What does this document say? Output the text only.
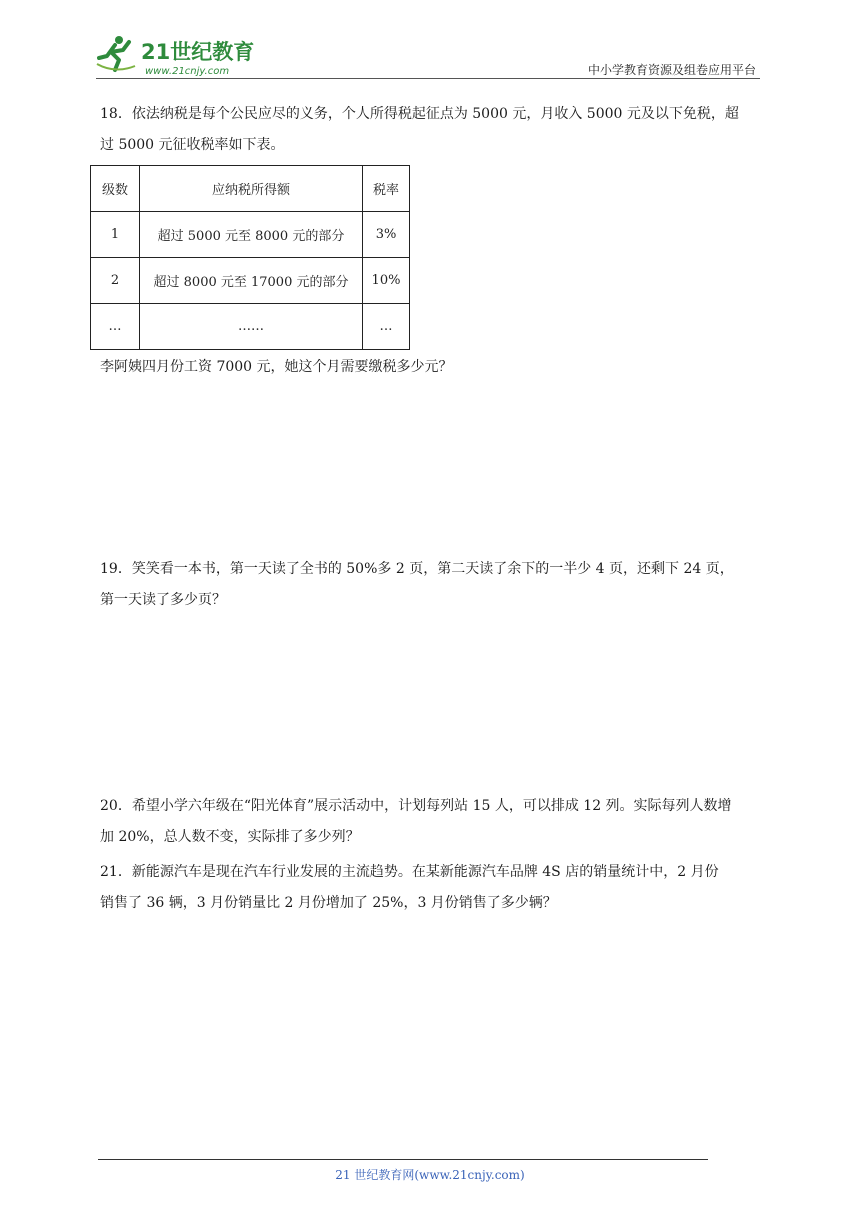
21世纪教育
www.21cnjy.com	中小学教育资源及组卷应用平台

18．依法纳税是每个公民应尽的义务，个人所得税起征点为 5000 元，月收入 5000 元及以下免税，超

过 5000 元征收税率如下表。

级数	应纳税所得额	税率
1	超过 5000 元至 8000 元的部分	3%
2	超过 8000 元至 17000 元的部分	10%
…	……	…

李阿姨四月份工资 7000 元，她这个月需要缴税多少元？

19．笑笑看一本书，第一天读了全书的 50%多 2 页，第二天读了余下的一半少 4 页，还剩下 24 页，

第一天读了多少页？

20．希望小学六年级在“阳光体育”展示活动中，计划每列站 15 人，可以排成 12 列。实际每列人数增

加 20%，总人数不变，实际排了多少列？

21．新能源汽车是现在汽车行业发展的主流趋势。在某新能源汽车品牌 4S 店的销量统计中，2 月份

销售了 36 辆，3 月份销量比 2 月份增加了 25%，3 月份销售了多少辆？

21 世纪教育网(www.21cnjy.com)
